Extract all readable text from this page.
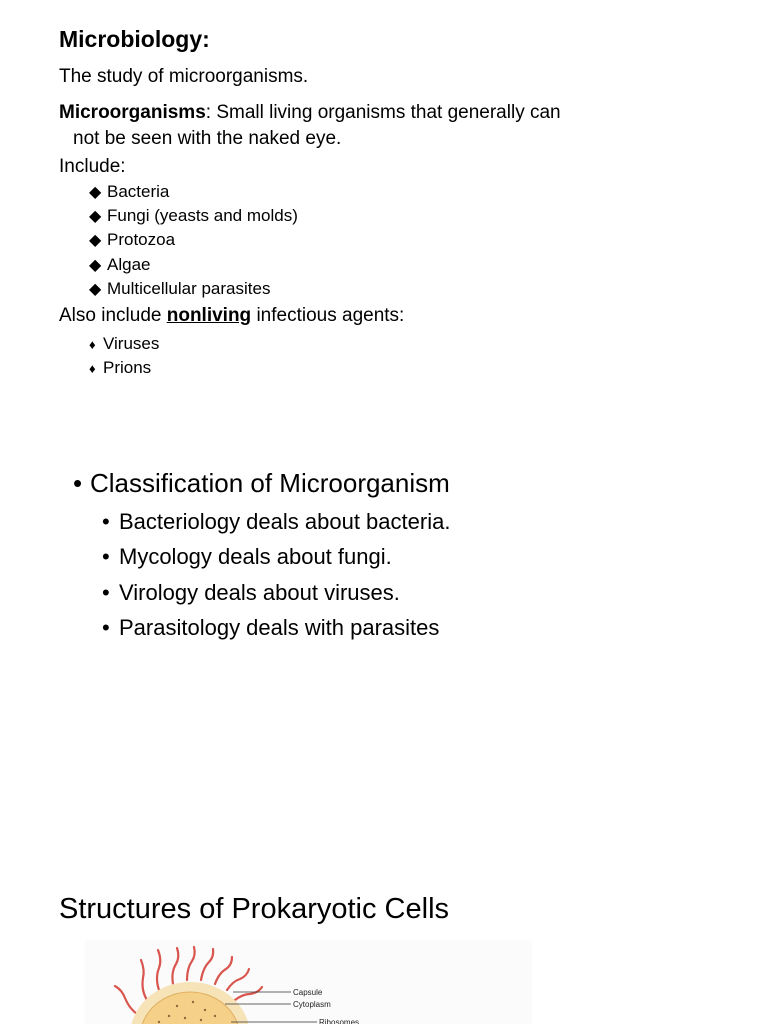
Microbiology:
The study of microorganisms.
Microorganisms: Small living organisms that generally can
not be seen with the naked eye.
Include:
◆ Bacteria
◆ Fungi (yeasts and molds)
◆ Protozoa
◆ Algae
◆ Multicellular parasites
Also include nonliving infectious agents:
♦ Viruses
♦ Prions
• Classification of Microorganism
• Bacteriology deals about bacteria.
• Mycology deals about fungi.
• Virology deals about viruses.
• Parasitology deals with parasites
Structures of Prokaryotic Cells
Capsule
Cytoplasm
Ribosomes
